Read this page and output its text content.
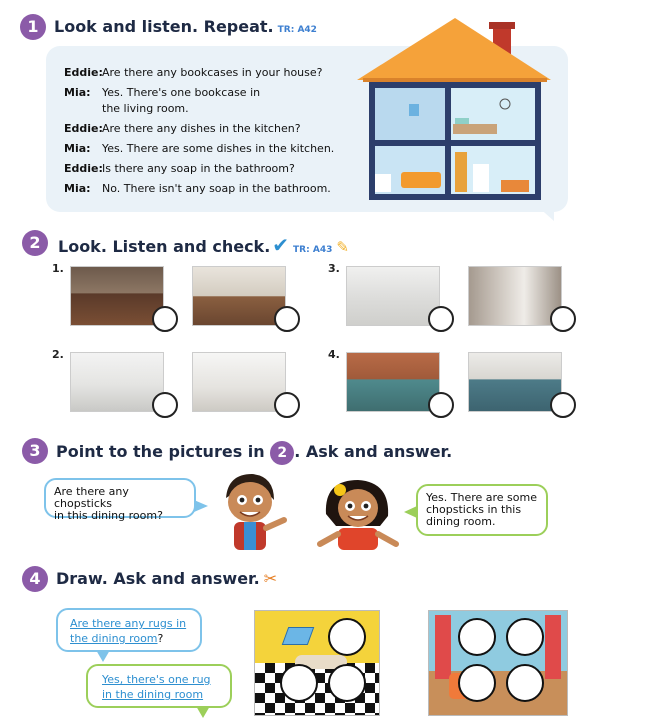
1 Look and listen. Repeat. TR: A42
Eddie:Are there any bookcases in your house?
Mia: Yes. There's one bookcase in
the living room.
Eddie:Are there any dishes in the kitchen?
Mia: Yes. There are some dishes in the kitchen.
Eddie:Is there any soap in the bathroom?
Mia: No. There isn't any soap in the bathroom.
2	Look. Listen and check. ✔ TR: A43 ✎
1.	3.
2.	4.
3 Point to the pictures in 2 . Ask and answer.
Are there any chopsticks
in this dining room?
Yes. There are some
chopsticks in this
dining room.
4 Draw. Ask and answer. ✂
Are there any rugs in
the dining room?
Yes, there's one rug
in the dining room
